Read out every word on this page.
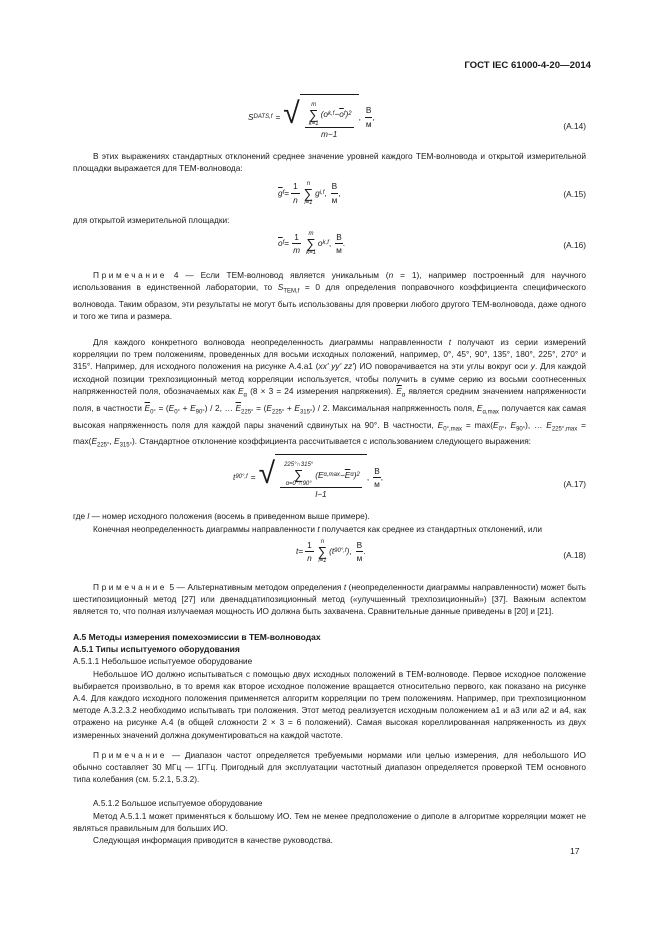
ГОСТ IEC 61000-4-20—2014
S DATS,f = √ m
∑
k=1
(o $k,f - \overline{o}$ f ) 2
m−1 ,
В
м
,
(A.14)

В этих выражениях стандартных отклонений среднее значение уровней каждого ТЕМ-волновода и открытой измерительной площадки выражается для ТЕМ-волновода:

$\overline{g}$ $f = \frac{1}{n}$ n
∑
i=1
g i,f ,
В
м
,	(A.15)

для открытой измерительной площадки:

$\overline{o}$ $f = \frac{1}{m}$ m
∑
k=1
o k,f ,
В
м
.	(A.16)

Примечание 4 — Если ТЕМ-волновод является уникальным (n = 1), например построенный для научного использования в единственной лаборатории, то $S_{TEM,f} = 0$ для определения поправочного коэффициента специфического волновода. Таким образом, эти результаты не могут быть использованы для проверки любого другого ТЕМ-волновода, даже одного и того же типа и размера.

Для каждого конкретного волновода неопределенность диаграммы направленности t получают из серии измерений корреляции по трем положениям, проведенных для восьми исходных положений, например, 0°, 45°, 90°, 135°, 180°, 225°, 270° и 315°. Например, для исходного положения на рисунке А.4.а1 (xx' yy' zz') ИО поворачивается на эти углы вокруг оси y. Для каждой исходной позиции трехпозиционный метод корреляции используется, чтобы получить в сумме серию из восьми соотнесенных напряженностей поля, обозначаемых как $E_\alpha$ (8 × 3 = 24 измерения напряжения). $\overline{E}_\alpha$ является средним значением напряженности поля, в частности $\overline{E}_{0^\circ} = (E_{0^\circ} + E_{90^\circ}) / 2$, … $\overline{E}_{225^\circ} = (E_{225^\circ} + E_{315^\circ}) / 2$. Максимальная напряженность поля, $E_{\alpha,max}$ получается как самая высокая напряженность поля для каждой пары значений сдвинутых на 90°. В частности, $E_{0^\circ,max} = \max(E_{0^\circ}$, $E_{90^\circ}$), … $E_{225^\circ,max} = \max(E_{225^\circ}$, $E_{315^\circ}$). Стандартное отклонение коэффициента рассчитывается с использованием следующего выражения:

t 90°,f = √ 225°∩315°
∑
α=0°∩90°
(E $\alpha,\max - \overline{E}$ α ) 2
l−1 ,
В
м
,
(A.17)

где l — номер исходного положения (восемь в приведенном выше примере).

Конечная неопределенность диаграммы направленности t получается как среднее из стандартных отклонений, или

$t = \frac{1}{n}$ n
∑
l=1
(t 90°,f ) ,
В
м
.	(A.18)

Примечание 5 — Альтернативным методом определения t (неопределенности диаграммы направленности) может быть шестипозиционный метод [27] или двенадцатипозиционный метод («улучшенный трехпозиционный») [37]. Важным аспектом является то, что полная излучаемая мощность ИО должна быть захвачена. Сравнительные данные приведены в [20] и [21].

А.5 Методы измерения помехоэмиссии в ТЕМ-волноводах
А.5.1 Типы испытуемого оборудования

А.5.1.1 Небольшое испытуемое оборудование

Небольшое ИО должно испытываться с помощью двух исходных положений в ТЕМ-волноводе. Первое исходное положение выбирается произвольно, в то время как второе исходное положение вращается относительно первого, как показано на рисунке А.4. Для каждого исходного положения применяется алгоритм корреляции по трем положениям. Например, при трехпозиционном методе А.3.2.3.2 необходимо испытывать три положения. Этот метод реализуется исходным положением a1 и a3 или a2 и a4, как отражено на рисунке А.4 (в общей сложности 2 × 3 = 6 положений). Самая высокая кореллированная напряженность из двух измеренных значений должна документироваться на каждой частоте.

Примечание — Диапазон частот определяется требуемыми нормами или целью измерения, для небольшого ИО обычно составляет 30 МГц — 1ГГц. Пригодный для эксплуатации частотный диапазон определяется проверкой ТЕМ основного типа колебания (см. 5.2.1, 5.3.2).

А.5.1.2 Большое испытуемое оборудование

Метод А.5.1.1 может применяться к большому ИО. Тем не менее предположение о диполе в алгоритме корреляции может не являться правильным для больших ИО.

Следующая информация приводится в качестве руководства.

17
